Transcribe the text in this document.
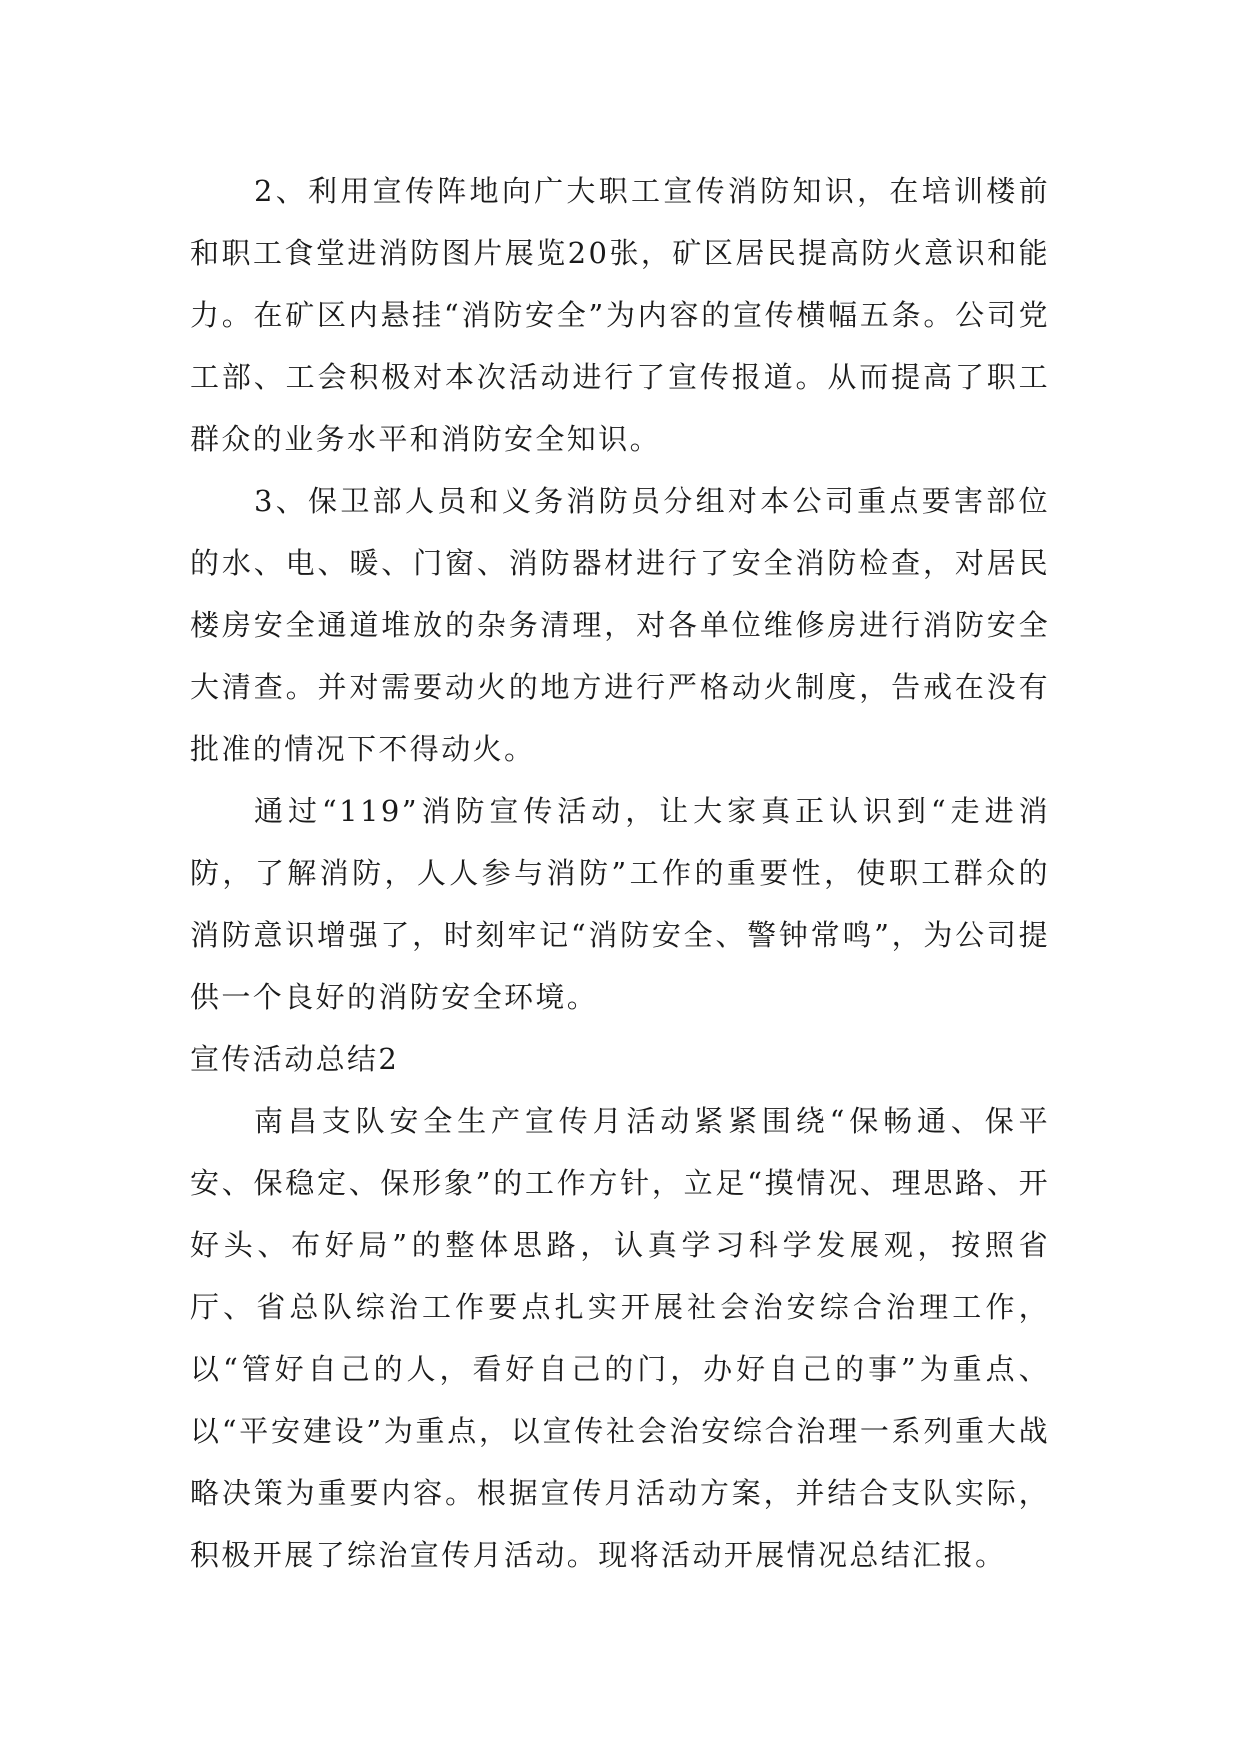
2、利用宣传阵地向广大职工宣传消防知识，在培训楼前和职工食堂进消防图片展览20张，矿区居民提高防火意识和能力。在矿区内悬挂“消防安全”为内容的宣传横幅五条。公司党工部、工会积极对本次活动进行了宣传报道。从而提高了职工群众的业务水平和消防安全知识。

3、保卫部人员和义务消防员分组对本公司重点要害部位的水、电、暖、门窗、消防器材进行了安全消防检查，对居民楼房安全通道堆放的杂务清理，对各单位维修房进行消防安全大清查。并对需要动火的地方进行严格动火制度，告戒在没有批准的情况下不得动火。

通过“119”消防宣传活动，让大家真正认识到“走进消防，了解消防，人人参与消防”工作的重要性，使职工群众的消防意识增强了，时刻牢记“消防安全、警钟常鸣”，为公司提供一个良好的消防安全环境。

宣传活动总结2

南昌支队安全生产宣传月活动紧紧围绕“保畅通、保平安、保稳定、保形象”的工作方针，立足“摸情况、理思路、开好头、布好局”的整体思路，认真学习科学发展观，按照省厅、省总队综治工作要点扎实开展社会治安综合治理工作，以“管好自己的人，看好自己的门，办好自己的事”为重点、以“平安建设”为重点，以宣传社会治安综合治理一系列重大战略决策为重要内容。根据宣传月活动方案，并结合支队实际，积极开展了综治宣传月活动。现将活动开展情况总结汇报。
